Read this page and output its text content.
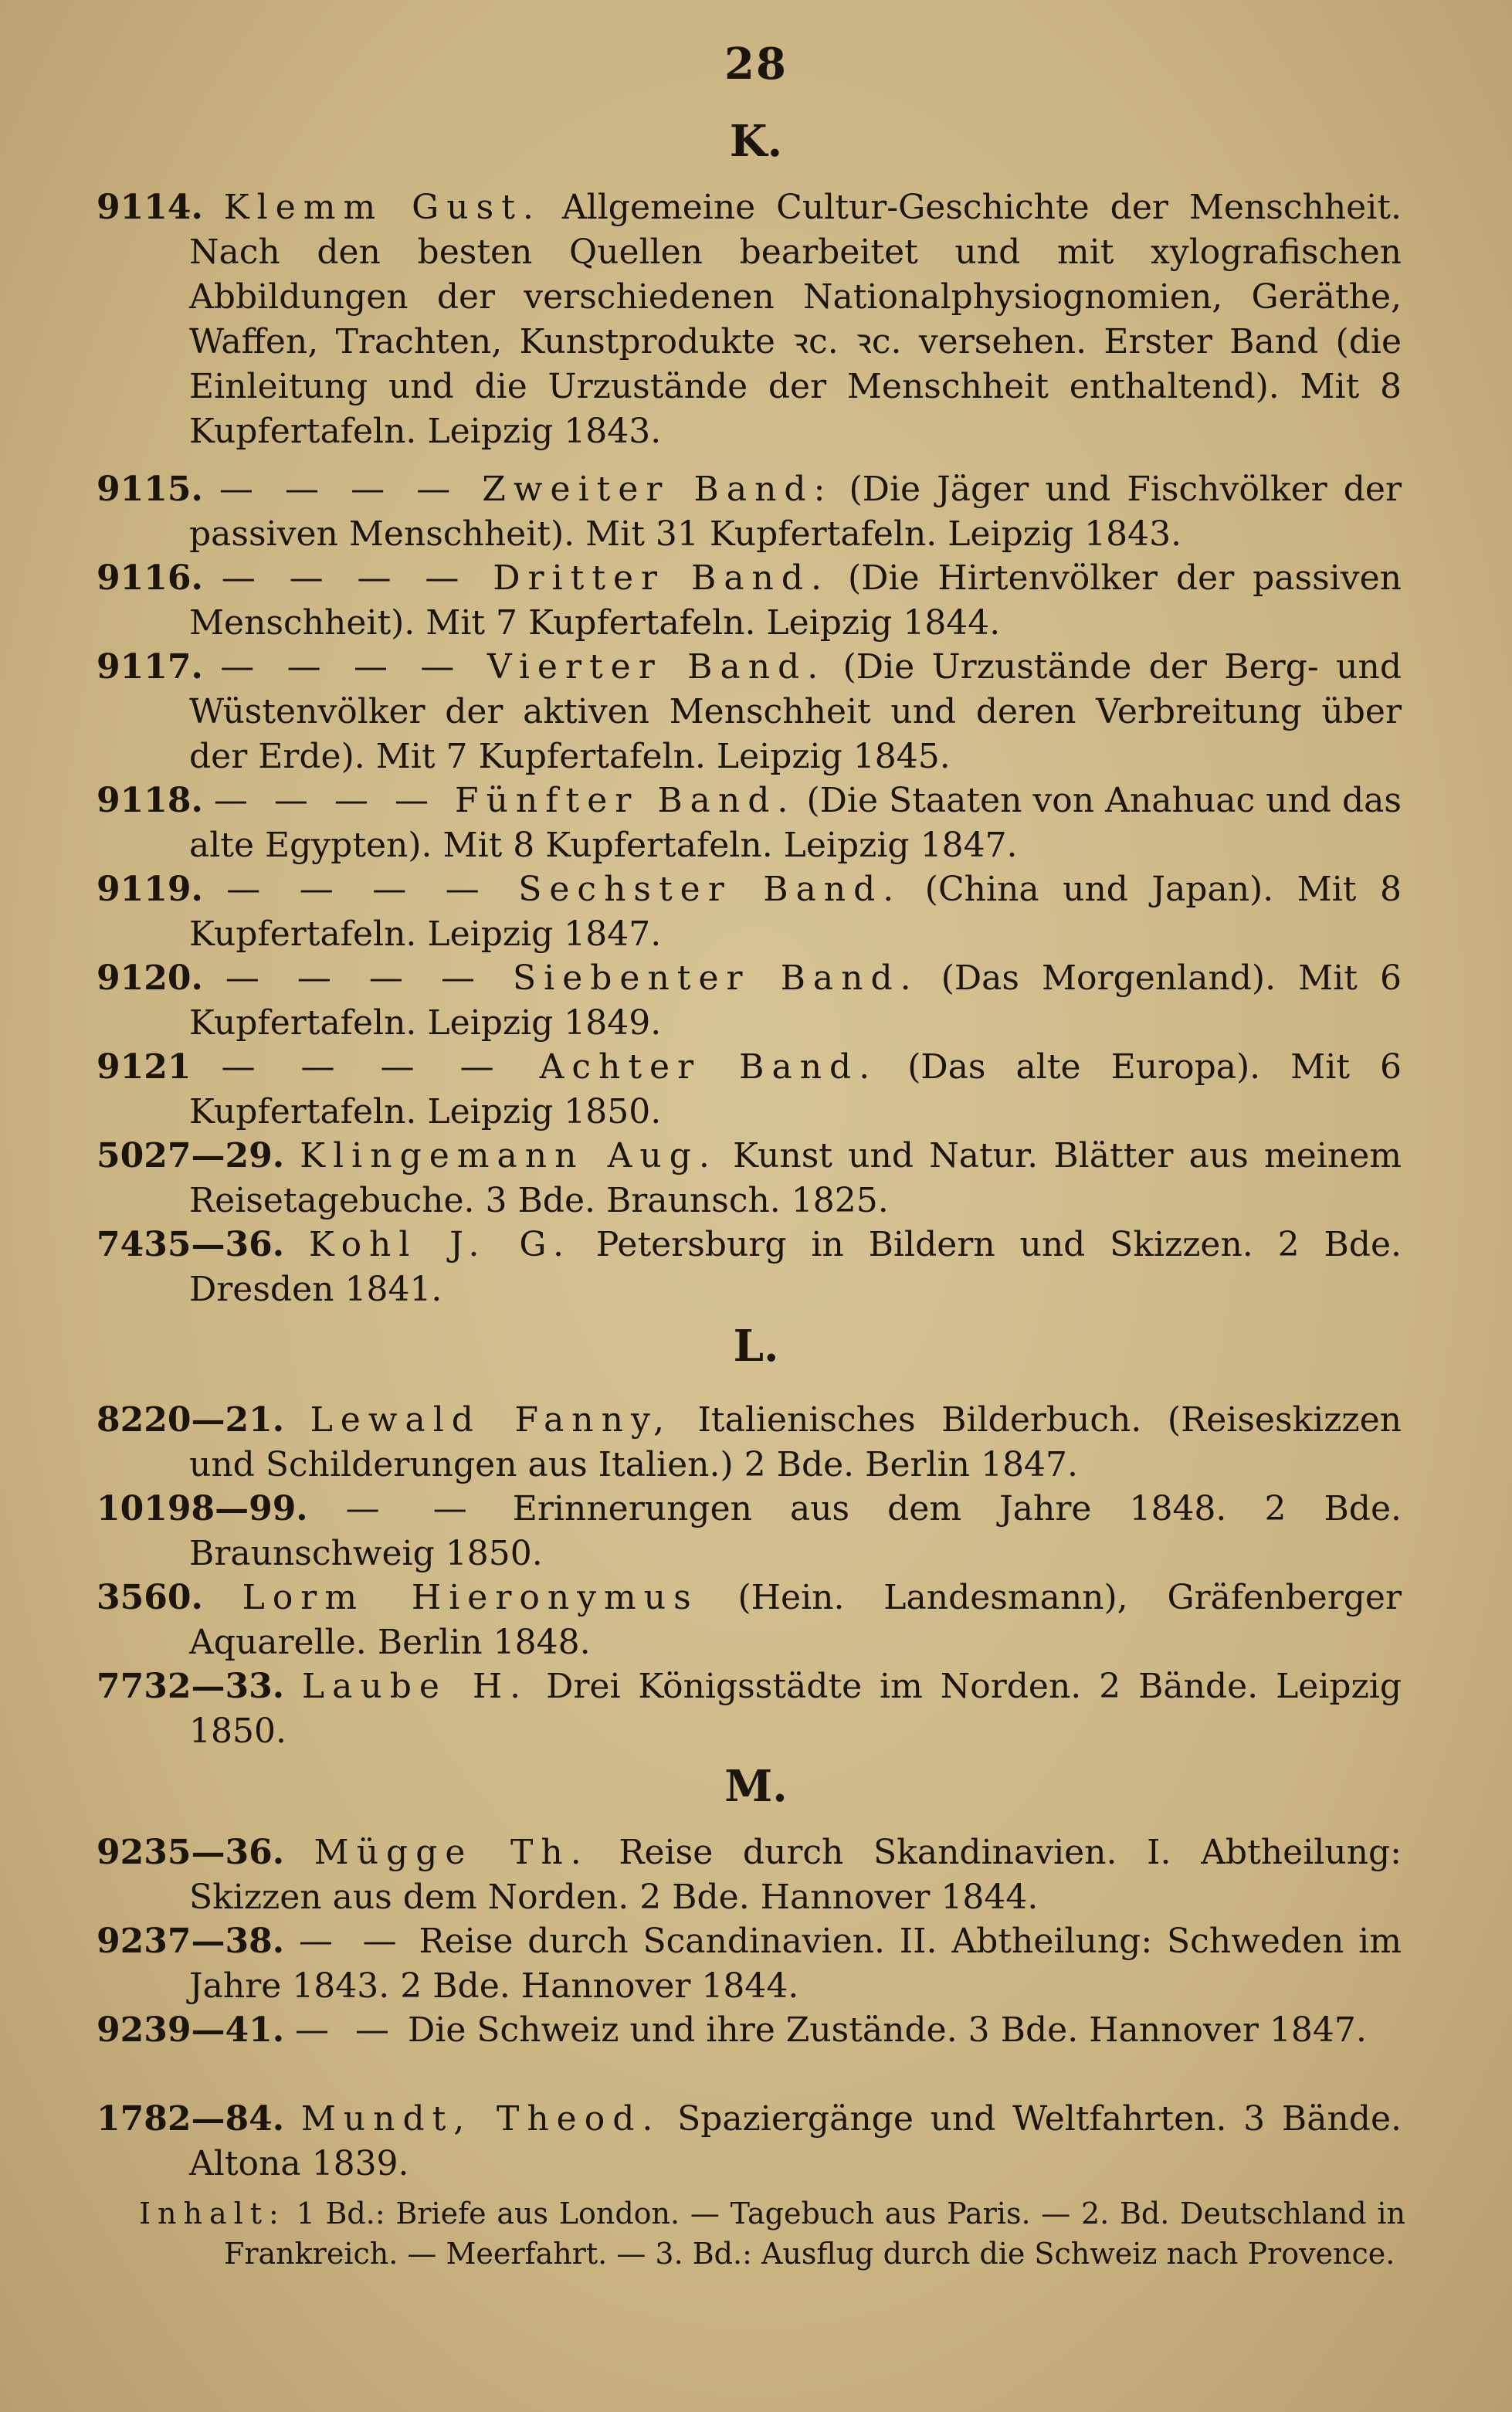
28
K.
9114. Klemm Gust. Allgemeine Cultur-Geschichte der Menschheit. Nach den besten Quellen bearbeitet und mit xylografischen Abbildungen der verschiedenen Nationalphysiognomien, Geräthe, Waffen, Trachten, Kunstprodukte ꝛc. ꝛc. versehen. Erster Band (die Einleitung und die Urzustände der Menschheit enthaltend). Mit 8 Kupfertafeln. Leipzig 1843.
9115. — — — — Zweiter Band: (Die Jäger und Fischvölker der passiven Menschheit). Mit 31 Kupfertafeln. Leipzig 1843.
9116. — — — — Dritter Band. (Die Hirtenvölker der passiven Menschheit). Mit 7 Kupfertafeln. Leipzig 1844.
9117. — — — — Vierter Band. (Die Urzustände der Berg- und Wüstenvölker der aktiven Menschheit und deren Verbreitung über der Erde). Mit 7 Kupfertafeln. Leipzig 1845.
9118. — — — — Fünfter Band. (Die Staaten von Anahuac und das alte Egypten). Mit 8 Kupfertafeln. Leipzig 1847.
9119. — — — — Sechster Band. (China und Japan). Mit 8 Kupfertafeln. Leipzig 1847.
9120. — — — — Siebenter Band. (Das Morgenland). Mit 6 Kupfertafeln. Leipzig 1849.
9121 — — — — Achter Band. (Das alte Europa). Mit 6 Kupfertafeln. Leipzig 1850.
5027—29. Klingemann Aug. Kunst und Natur. Blätter aus meinem Reisetagebuche. 3 Bde. Braunsch. 1825.
7435—36. Kohl J. G. Petersburg in Bildern und Skizzen. 2 Bde. Dresden 1841.
L.
8220—21. Lewald Fanny, Italienisches Bilderbuch. (Reiseskizzen und Schilderungen aus Italien.) 2 Bde. Berlin 1847.
10198—99. — — Erinnerungen aus dem Jahre 1848. 2 Bde. Braunschweig 1850.
3560. Lorm Hieronymus (Hein. Landesmann), Gräfenberger Aquarelle. Berlin 1848.
7732—33. Laube H. Drei Königsstädte im Norden. 2 Bände. Leipzig 1850.
M.
9235—36. Mügge Th. Reise durch Skandinavien. I. Abtheilung: Skizzen aus dem Norden. 2 Bde. Hannover 1844.
9237—38. — — Reise durch Scandinavien. II. Abtheilung: Schweden im Jahre 1843. 2 Bde. Hannover 1844.
9239—41. — — Die Schweiz und ihre Zustände. 3 Bde. Hannover 1847.
1782—84. Mundt, Theod. Spaziergänge und Weltfahrten. 3 Bände. Altona 1839.
Inhalt: 1 Bd.: Briefe aus London. — Tagebuch aus Paris. — 2. Bd. Deutschland in Frankreich. — Meerfahrt. — 3. Bd.: Ausflug durch die Schweiz nach Provence.
